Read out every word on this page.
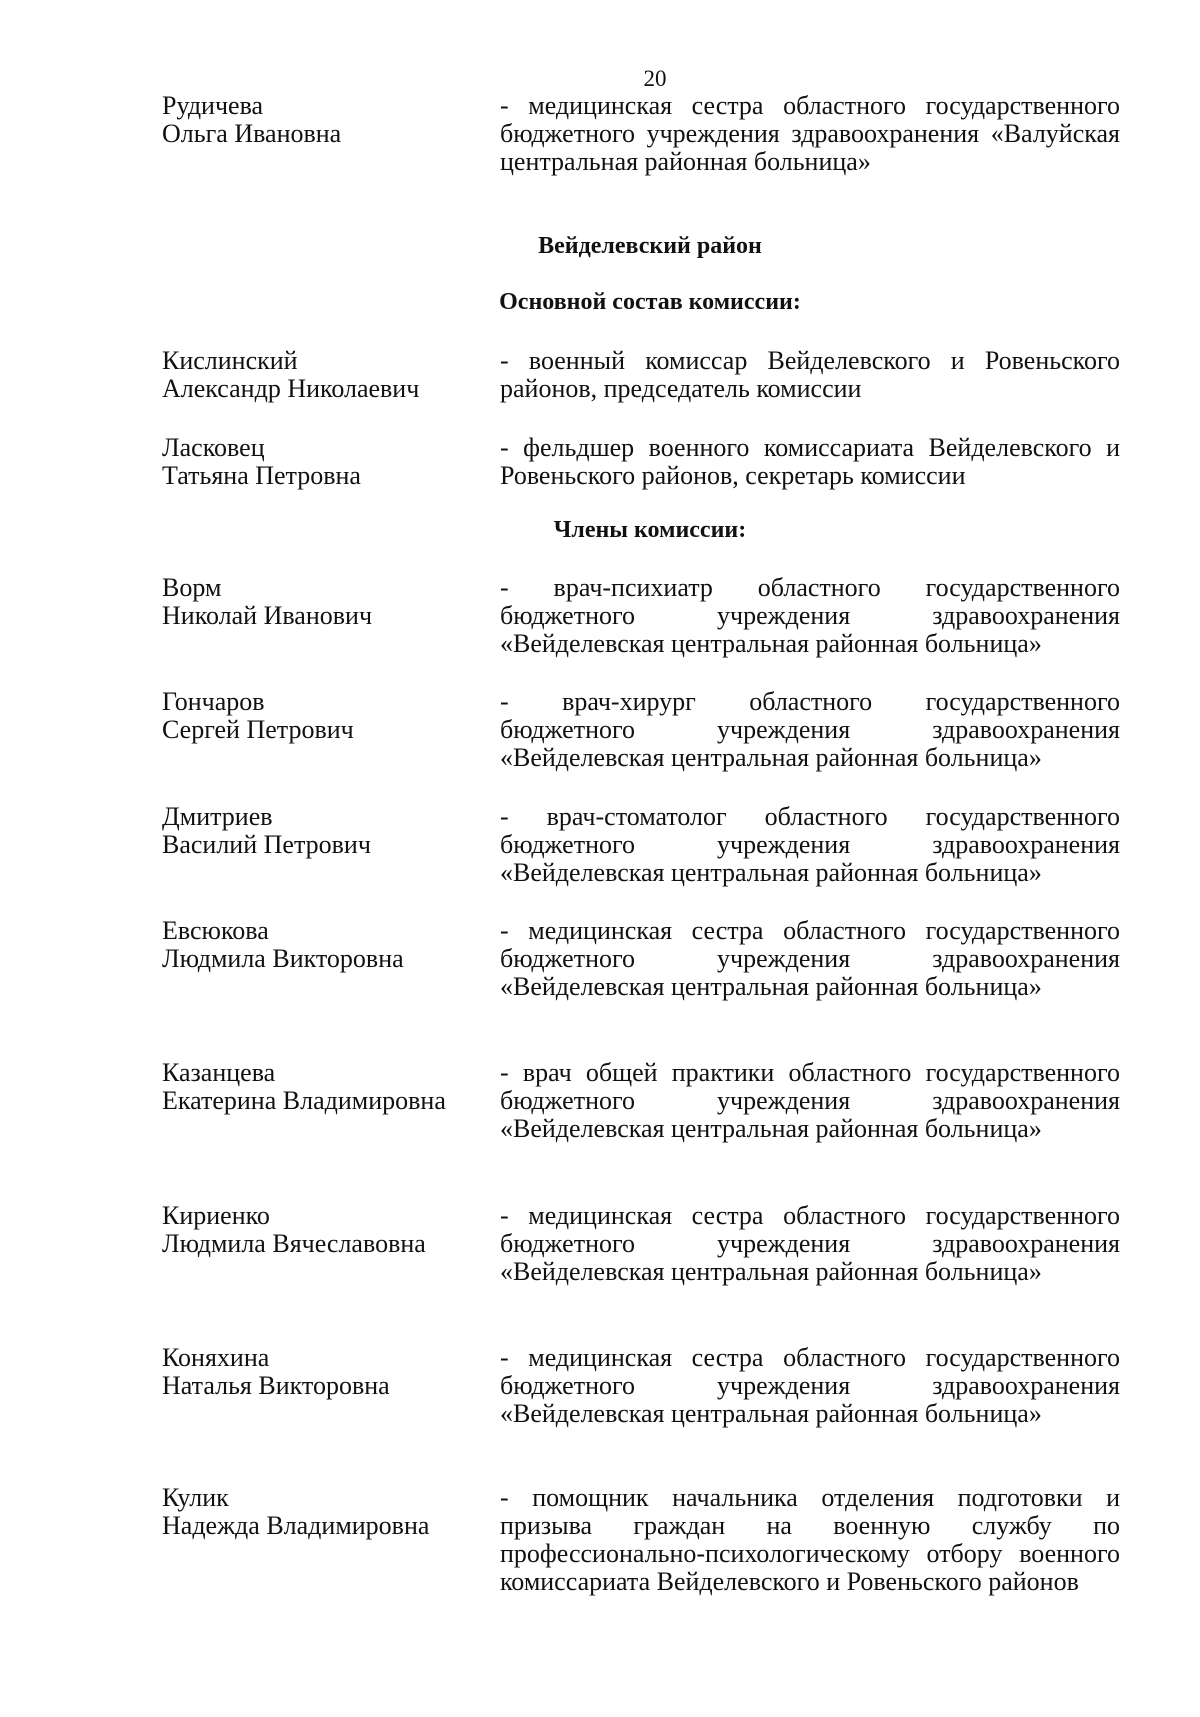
20
Рудичева
Ольга Ивановна
- медицинская сестра областного государственного бюджетного учреждения здравоохранения «Валуйская центральная районная больница»
Вейделевский район
Основной состав комиссии:
Кислинский
Александр Николаевич
- военный комиссар Вейделевского и Ровеньского районов, председатель комиссии
Ласковец
Татьяна Петровна
- фельдшер военного комиссариата Вейделевского и Ровеньского районов, секретарь комиссии
Члены комиссии:
Ворм
Николай Иванович
- врач-психиатр областного государственного бюджетного учреждения здравоохранения «Вейделевская центральная районная больница»
Гончаров
Сергей Петрович
- врач-хирург областного государственного бюджетного учреждения здравоохранения «Вейделевская центральная районная больница»
Дмитриев
Василий Петрович
- врач-стоматолог областного государственного бюджетного учреждения здравоохранения «Вейделевская центральная районная больница»
Евсюкова
Людмила Викторовна
- медицинская сестра областного государственного бюджетного учреждения здравоохранения «Вейделевская центральная районная больница»
Казанцева
Екатерина Владимировна
- врач общей практики областного государственного бюджетного учреждения здравоохранения «Вейделевская центральная районная больница»
Кириенко
Людмила Вячеславовна
- медицинская сестра областного государственного бюджетного учреждения здравоохранения «Вейделевская центральная районная больница»
Коняхина
Наталья Викторовна
- медицинская сестра областного государственного бюджетного учреждения здравоохранения «Вейделевская центральная районная больница»
Кулик
Надежда Владимировна
- помощник начальника отделения подготовки и призыва граждан на военную службу по профессионально-психологическому отбору военного комиссариата Вейделевского и Ровеньского районов
